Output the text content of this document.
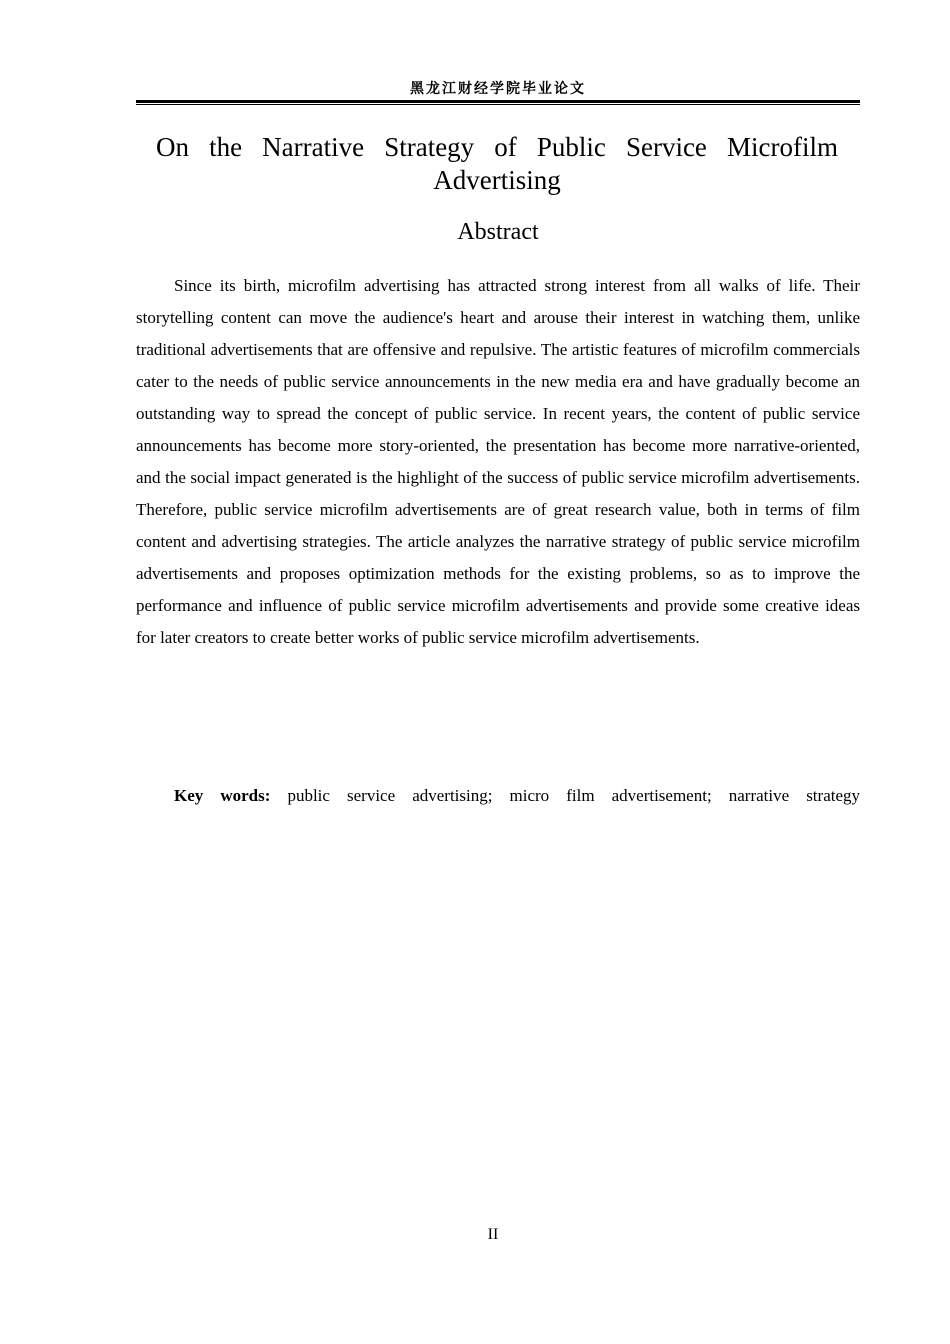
黑龙江财经学院毕业论文
On the Narrative Strategy of Public Service Microfilm Advertising
Abstract

Since its birth, microfilm advertising has attracted strong interest from all walks of life. Their storytelling content can move the audience's heart and arouse their interest in watching them, unlike traditional advertisements that are offensive and repulsive. The artistic features of microfilm commercials cater to the needs of public service announcements in the new media era and have gradually become an outstanding way to spread the concept of public service. In recent years, the content of public service announcements has become more story-oriented, the presentation has become more narrative-oriented, and the social impact generated is the highlight of the success of public service microfilm advertisements. Therefore, public service microfilm advertisements are of great research value, both in terms of film content and advertising strategies. The article analyzes the narrative strategy of public service microfilm advertisements and proposes optimization methods for the existing problems, so as to improve the performance and influence of public service microfilm advertisements and provide some creative ideas for later creators to create better works of public service microfilm advertisements.

Key words: public service advertising; micro film advertisement; narrative strategy

II
